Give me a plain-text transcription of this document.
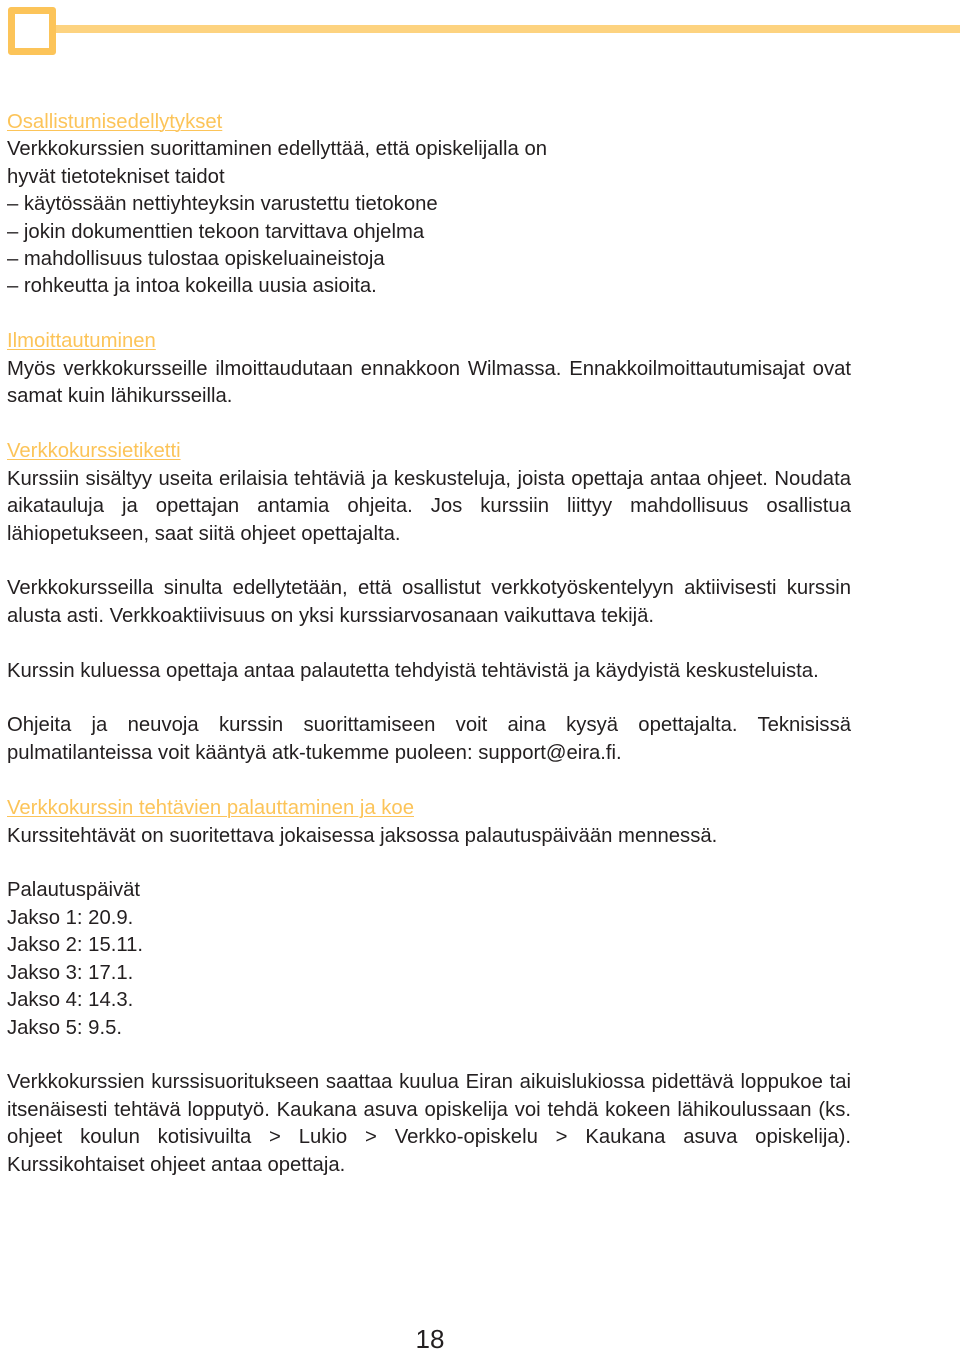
Osallistumisedellytykset
Verkkokurssien suorittaminen edellyttää, että opiskelijalla on
hyvät tietotekniset taidot
– käytössään nettiyhteyksin varustettu tietokone
– jokin dokumenttien tekoon tarvittava ohjelma
– mahdollisuus tulostaa opiskeluaineistoja
– rohkeutta ja intoa kokeilla uusia asioita.
Ilmoittautuminen

Myös verkkokursseille ilmoittaudutaan ennakkoon Wilmassa. Ennakkoilmoittautumisajat ovat samat kuin lähikursseilla.

Verkkokurssietiketti

Kurssiin sisältyy useita erilaisia tehtäviä ja keskusteluja, joista opettaja antaa ohjeet. Noudata aikatauluja ja opettajan antamia ohjeita. Jos kurssiin liittyy mahdollisuus osallistua lähiopetukseen, saat siitä ohjeet opettajalta.

Verkkokursseilla sinulta edellytetään, että osallistut verkkotyöskentelyyn aktiivisesti kurssin alusta asti. Verkkoaktiivisuus on yksi kurssiarvosanaan vaikuttava tekijä.

Kurssin kuluessa opettaja antaa palautetta tehdyistä tehtävistä ja käydyistä keskusteluista.

Ohjeita ja neuvoja kurssin suorittamiseen voit aina kysyä opettajalta. Teknisissä pulmatilanteissa voit kääntyä atk-tukemme puoleen: support@eira.fi.

Verkkokurssin tehtävien palauttaminen ja koe

Kurssitehtävät on suoritettava jokaisessa jaksossa palautuspäivään mennessä.

Palautuspäivät
Jakso 1: 20.9.
Jakso 2: 15.11.
Jakso 3: 17.1.
Jakso 4: 14.3.
Jakso 5: 9.5.

Verkkokurssien kurssisuoritukseen saattaa kuulua Eiran aikuislukiossa pidettävä loppukoe tai itsenäisesti tehtävä lopputyö. Kaukana asuva opiskelija voi tehdä kokeen lähikoulussaan (ks. ohjeet koulun kotisivuilta > Lukio > Verkko-opiskelu > Kaukana asuva opiskelija). Kurssikohtaiset ohjeet antaa opettaja.

18
